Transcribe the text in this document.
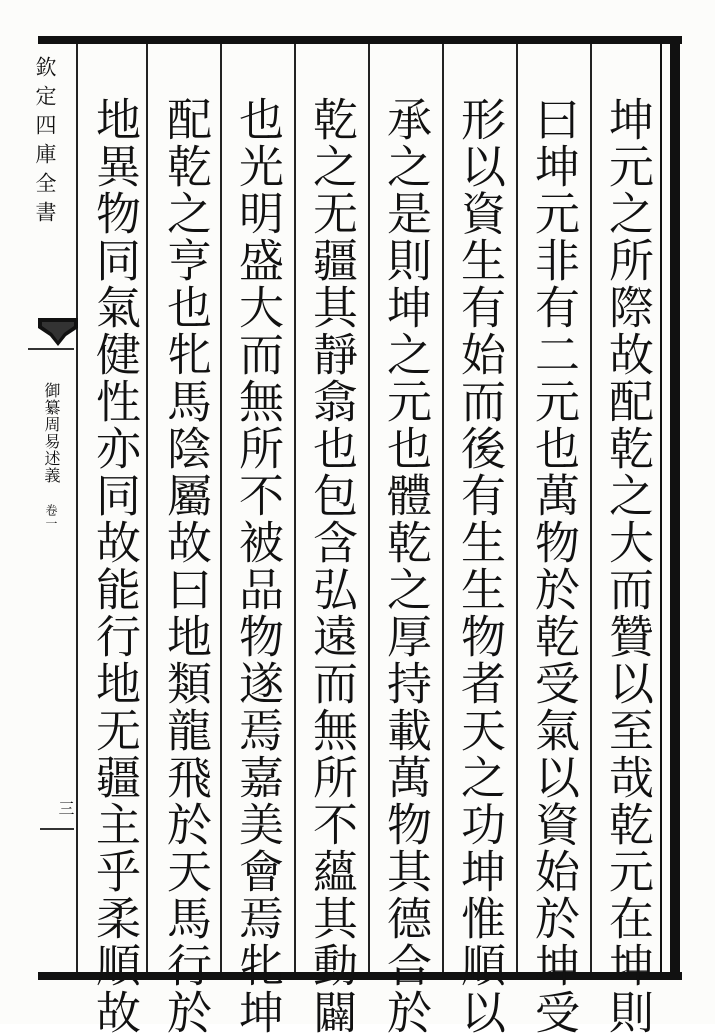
坤元之所際故配乾之大而贊以至哉乾元在坤則
曰坤元非有二元也萬物於乾受氣以資始於坤受
形以資生有始而後有生生物者天之功坤惟順以
承之是則坤之元也體乾之厚持載萬物其德合於
乾之无疆其靜翕也包含弘遠而無所不蘊其動闢
也光明盛大而無所不被品物遂焉嘉美會焉牝坤
配乾之亨也牝馬陰屬故曰地類龍飛於天馬行於
地異物同氣健性亦同故能行地无疆主乎柔順故
欽定四庫全書
御纂周易述義 卷一
三
